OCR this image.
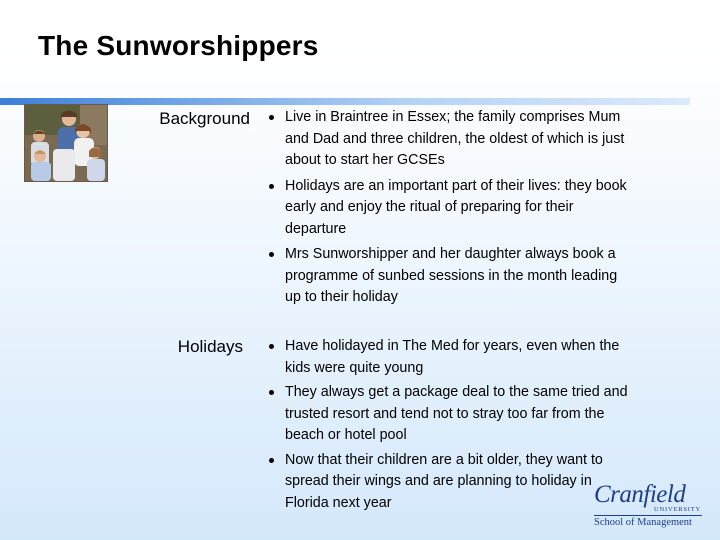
The Sunworshippers
Background	Live in Braintree in Essex; the family comprises Mum and Dad and three children, the oldest of which is just about to start her GCSEs
Holidays are an important part of their lives: they book early and enjoy the ritual of preparing for their departure
Mrs Sunworshipper and her daughter always book a programme of sunbed sessions in the month leading up to their holiday
Holidays	Have holidayed in The Med for years, even when the kids were quite young
They always get a package deal to the same tried and trusted resort and tend not to stray too far from the beach or hotel pool
Now that their children are a bit older, they want to spread their wings and are planning to holiday in Florida next year	Cranfield
UNIVERSITY
School of Management
